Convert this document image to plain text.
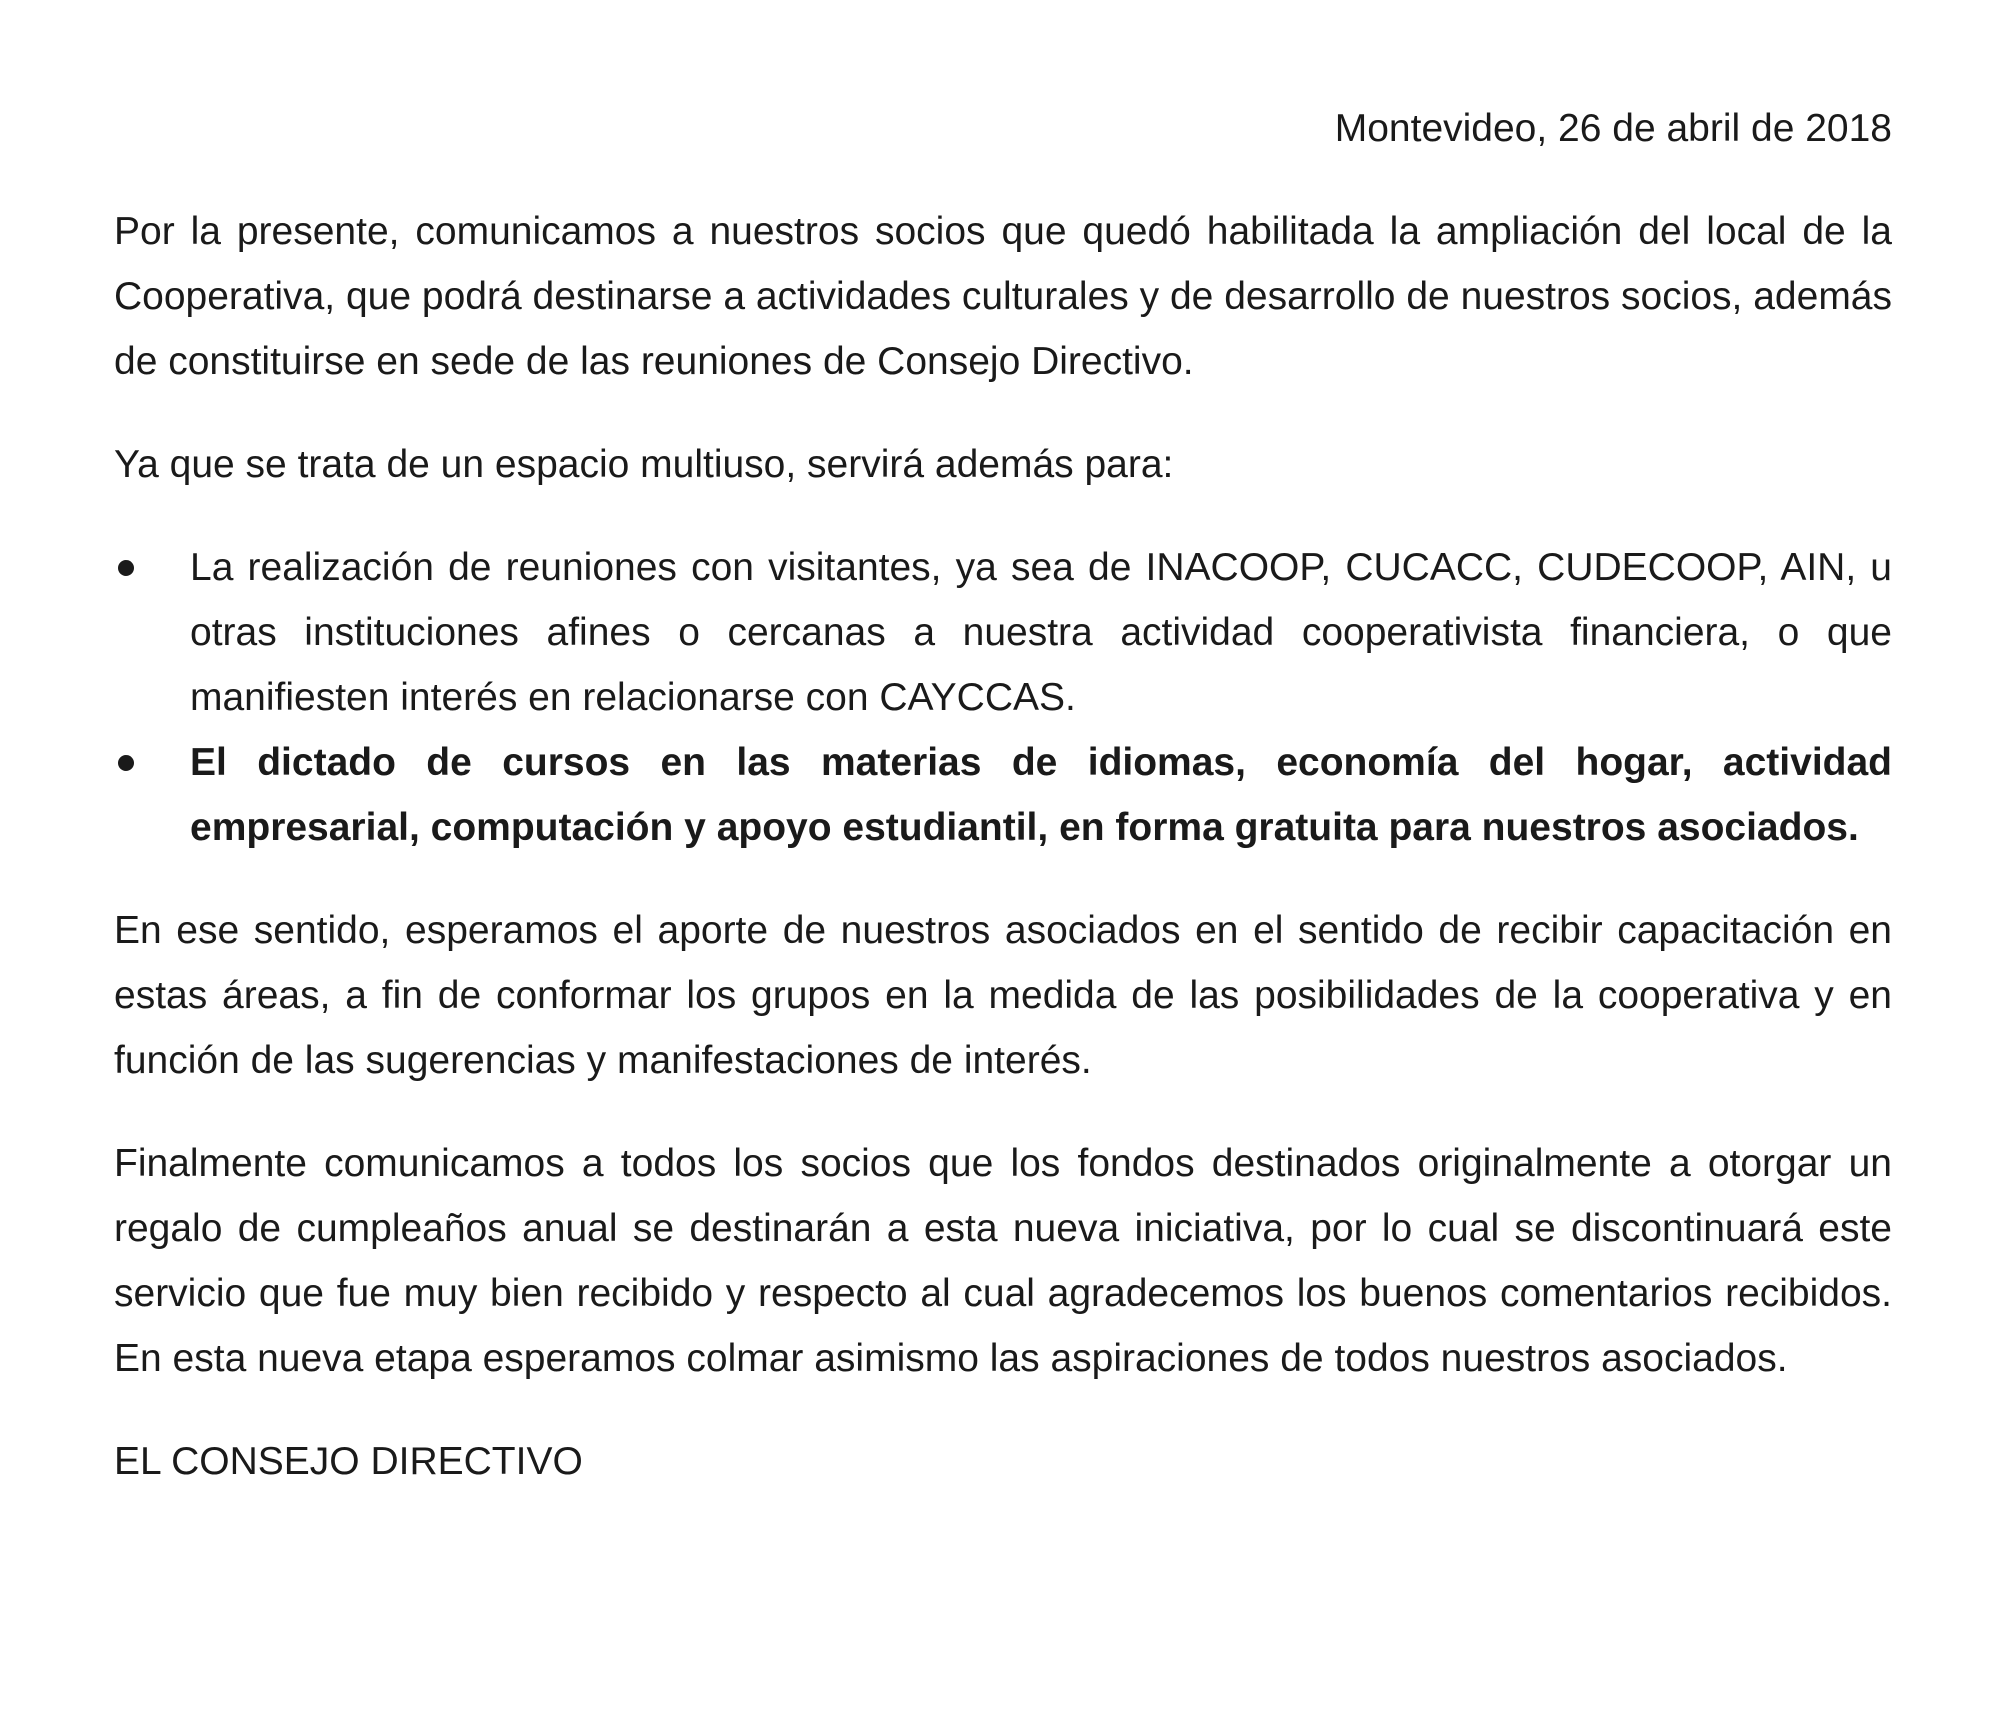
Montevideo, 26 de abril de 2018

Por la presente, comunicamos a nuestros socios que quedó habilitada la ampliación del local de la Cooperativa, que podrá destinarse a actividades culturales y de desarrollo de nuestros socios, además de constituirse en sede de las reuniones de Consejo Directivo.

Ya que se trata de un espacio multiuso, servirá además para:

La realización de reuniones con visitantes, ya sea de INACOOP, CUCACC, CUDECOOP, AIN, u otras instituciones afines o cercanas a nuestra actividad cooperativista financiera, o que manifiesten interés en relacionarse con CAYCCAS.
El dictado de cursos en las materias de idiomas, economía del hogar, actividad empresarial, computación y apoyo estudiantil, en forma gratuita para nuestros asociados.

En ese sentido, esperamos el aporte de nuestros asociados en el sentido de recibir capacitación en estas áreas, a fin de conformar los grupos en la medida de las posibilidades de la cooperativa y en función de las sugerencias y manifestaciones de interés.

Finalmente comunicamos a todos los socios que los fondos destinados originalmente a otorgar un regalo de cumpleaños anual se destinarán a esta nueva iniciativa, por lo cual se discontinuará este servicio que fue muy bien recibido y respecto al cual agradecemos los buenos comentarios recibidos. En esta nueva etapa esperamos colmar asimismo las aspiraciones de todos nuestros asociados.

EL CONSEJO DIRECTIVO
